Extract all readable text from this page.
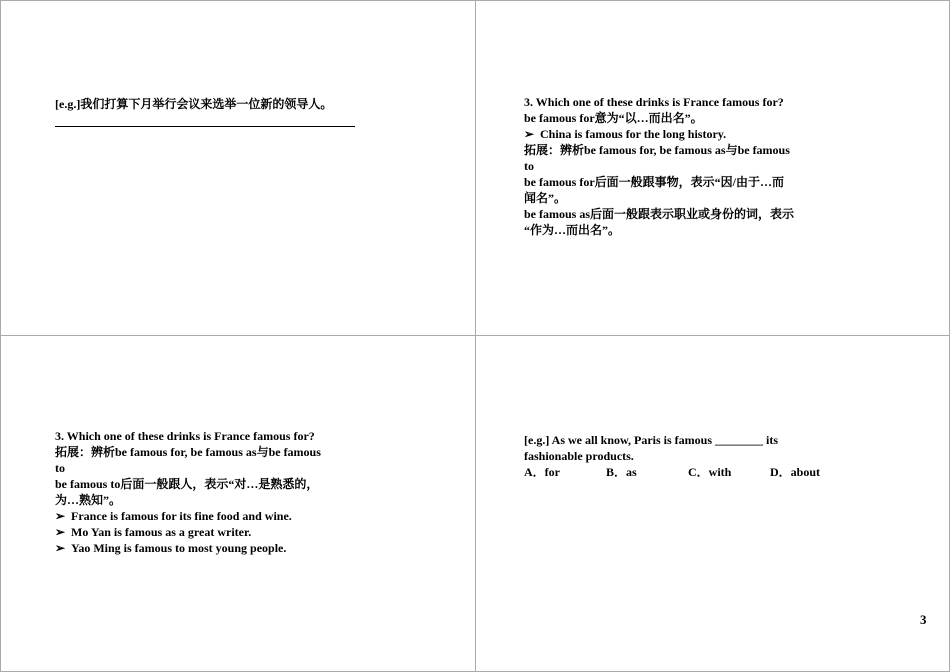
[e.g.]我们打算下月举行会议来选举一位新的领导人。	3. Which one of these drinks is France famous for?
be famous for意为“以…而出名”。
➢ China is famous for the long history.
拓展：辨析be famous for, be famous as与be famous
to
be famous for后面一般跟事物，表示“因/由于…而
闻名”。
be famous as后面一般跟表示职业或身份的词，表示
“作为…而出名”。
3. Which one of these drinks is France famous for?
拓展：辨析be famous for, be famous as与be famous
to
be famous to后面一般跟人，表示“对…是熟悉的，
为…熟知”。
➢ France is famous for its fine food and wine.
➢ Mo Yan is famous as a great writer.
➢ Yao Ming is famous to most young people.
[e.g.] As we all know, Paris is famous ________ its
fashionable products.
A．for	B．as	C．with	D．about
3
